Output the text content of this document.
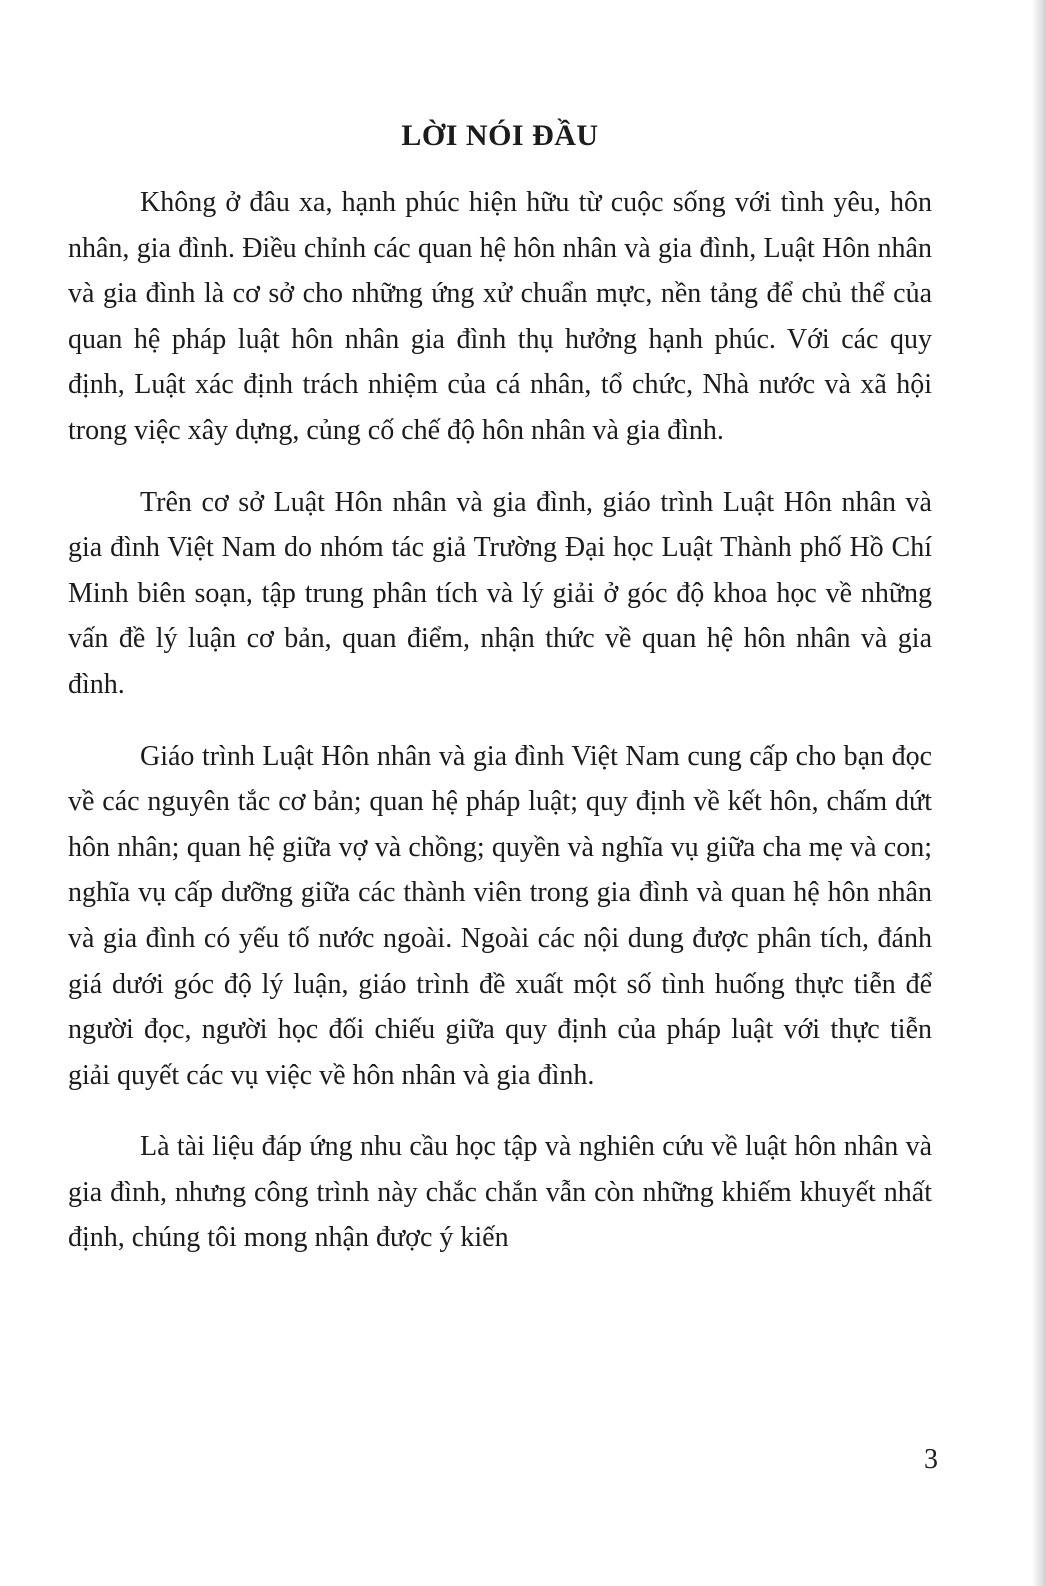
LỜI NÓI ĐẦU

Không ở đâu xa, hạnh phúc hiện hữu từ cuộc sống với tình yêu, hôn nhân, gia đình. Điều chỉnh các quan hệ hôn nhân và gia đình, Luật Hôn nhân và gia đình là cơ sở cho những ứng xử chuẩn mực, nền tảng để chủ thể của quan hệ pháp luật hôn nhân gia đình thụ hưởng hạnh phúc. Với các quy định, Luật xác định trách nhiệm của cá nhân, tổ chức, Nhà nước và xã hội trong việc xây dựng, củng cố chế độ hôn nhân và gia đình.

Trên cơ sở Luật Hôn nhân và gia đình, giáo trình Luật Hôn nhân và gia đình Việt Nam do nhóm tác giả Trường Đại học Luật Thành phố Hồ Chí Minh biên soạn, tập trung phân tích và lý giải ở góc độ khoa học về những vấn đề lý luận cơ bản, quan điểm, nhận thức về quan hệ hôn nhân và gia đình.

Giáo trình Luật Hôn nhân và gia đình Việt Nam cung cấp cho bạn đọc về các nguyên tắc cơ bản; quan hệ pháp luật; quy định về kết hôn, chấm dứt hôn nhân; quan hệ giữa vợ và chồng; quyền và nghĩa vụ giữa cha mẹ và con; nghĩa vụ cấp dưỡng giữa các thành viên trong gia đình và quan hệ hôn nhân và gia đình có yếu tố nước ngoài. Ngoài các nội dung được phân tích, đánh giá dưới góc độ lý luận, giáo trình đề xuất một số tình huống thực tiễn để người đọc, người học đối chiếu giữa quy định của pháp luật với thực tiễn giải quyết các vụ việc về hôn nhân và gia đình.

Là tài liệu đáp ứng nhu cầu học tập và nghiên cứu về luật hôn nhân và gia đình, nhưng công trình này chắc chắn vẫn còn những khiếm khuyết nhất định, chúng tôi mong nhận được ý kiến

3
